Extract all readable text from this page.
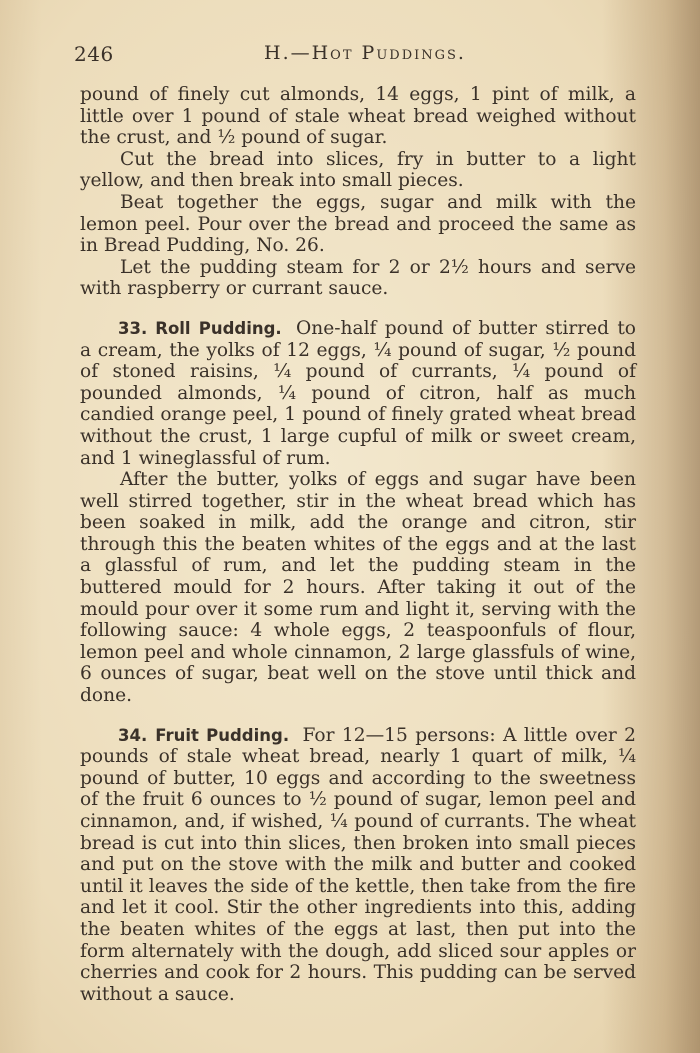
246	H.—Hot Puddings.

pound of finely cut almonds, 14 eggs, 1 pint of milk, a little over 1 pound of stale wheat bread weighed without the crust, and ½ pound of sugar.

Cut the bread into slices, fry in butter to a light yellow, and then break into small pieces.

Beat together the eggs, sugar and milk with the lemon peel. Pour over the bread and proceed the same as in Bread Pudding, No. 26.

Let the pudding steam for 2 or 2½ hours and serve with raspberry or currant sauce.

33. Roll Pudding. One-half pound of butter stirred to a cream, the yolks of 12 eggs, ¼ pound of sugar, ½ pound of stoned raisins, ¼ pound of currants, ¼ pound of pounded almonds, ¼ pound of citron, half as much candied orange peel, 1 pound of finely grated wheat bread without the crust, 1 large cupful of milk or sweet cream, and 1 wineglassful of rum.

After the butter, yolks of eggs and sugar have been well stirred together, stir in the wheat bread which has been soaked in milk, add the orange and citron, stir through this the beaten whites of the eggs and at the last a glassful of rum, and let the pudding steam in the buttered mould for 2 hours. After taking it out of the mould pour over it some rum and light it, serving with the following sauce: 4 whole eggs, 2 teaspoonfuls of flour, lemon peel and whole cinnamon, 2 large glassfuls of wine, 6 ounces of sugar, beat well on the stove until thick and done.

34. Fruit Pudding. For 12—15 persons: A little over 2 pounds of stale wheat bread, nearly 1 quart of milk, ¼ pound of butter, 10 eggs and according to the sweetness of the fruit 6 ounces to ½ pound of sugar, lemon peel and cinnamon, and, if wished, ¼ pound of currants. The wheat bread is cut into thin slices, then broken into small pieces and put on the stove with the milk and butter and cooked until it leaves the side of the kettle, then take from the fire and let it cool. Stir the other ingredients into this, adding the beaten whites of the eggs at last, then put into the form alternately with the dough, add sliced sour apples or cherries and cook for 2 hours. This pudding can be served without a sauce.
